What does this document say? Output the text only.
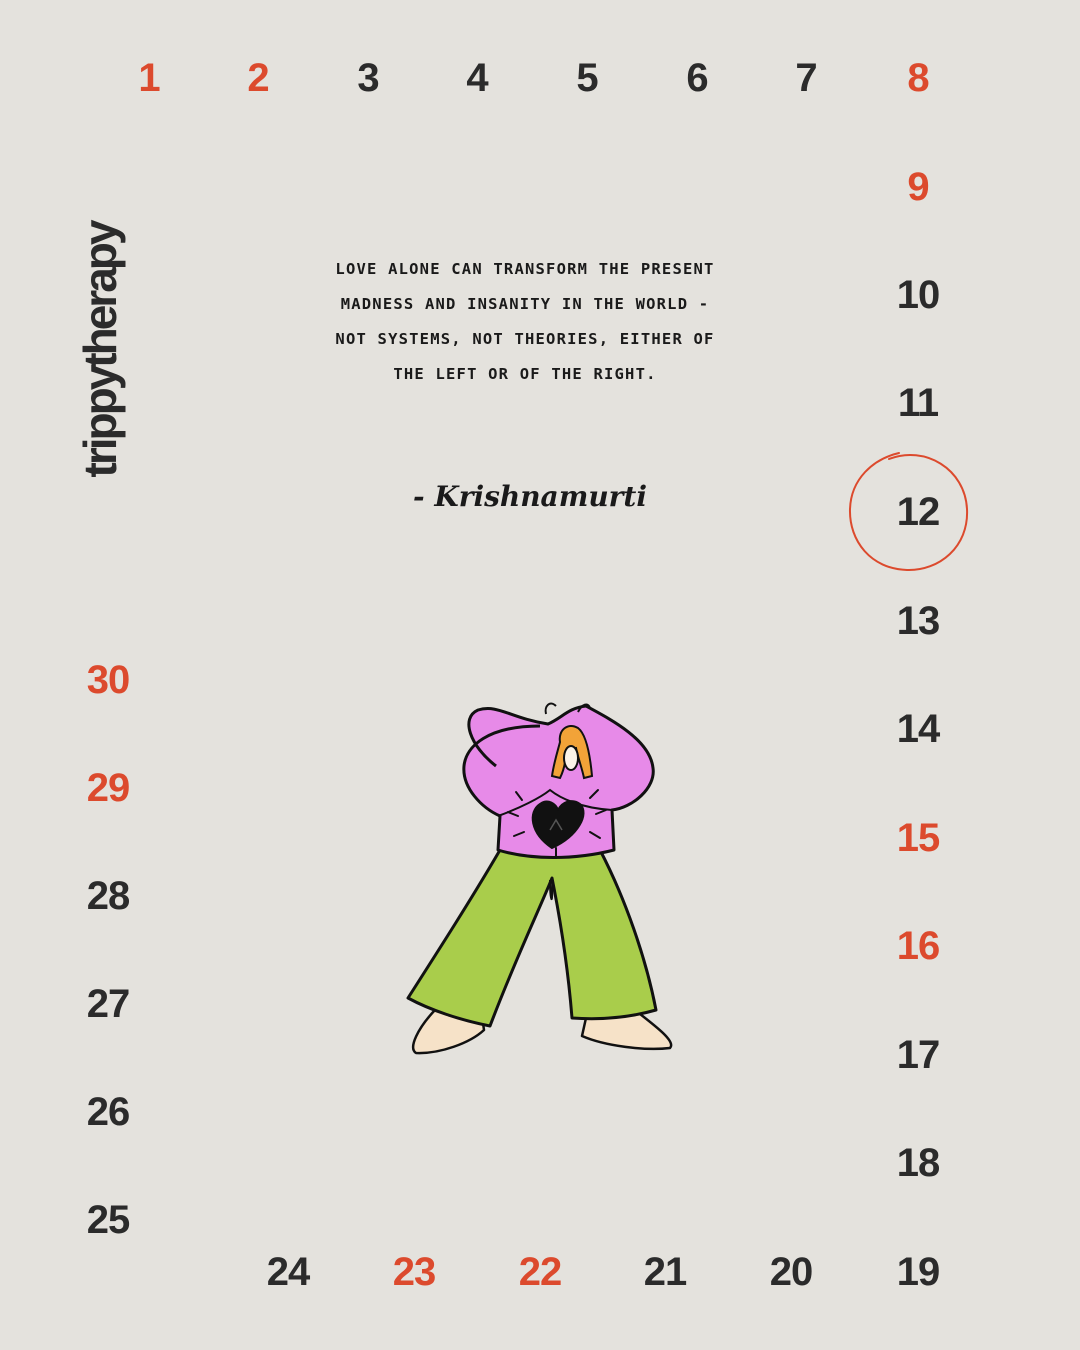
trippytherapy
1 2 3 4 5 6 7 8
9
10
11
12
13
14
15
16
17
18
19
20
21
22
23
24
25
26
27
28
29
30
LOVE ALONE CAN TRANSFORM THE PRESENT MADNESS AND INSANITY IN THE WORLD - NOT SYSTEMS, NOT THEORIES, EITHER OF THE LEFT OR OF THE RIGHT.
- Krishnamurti
